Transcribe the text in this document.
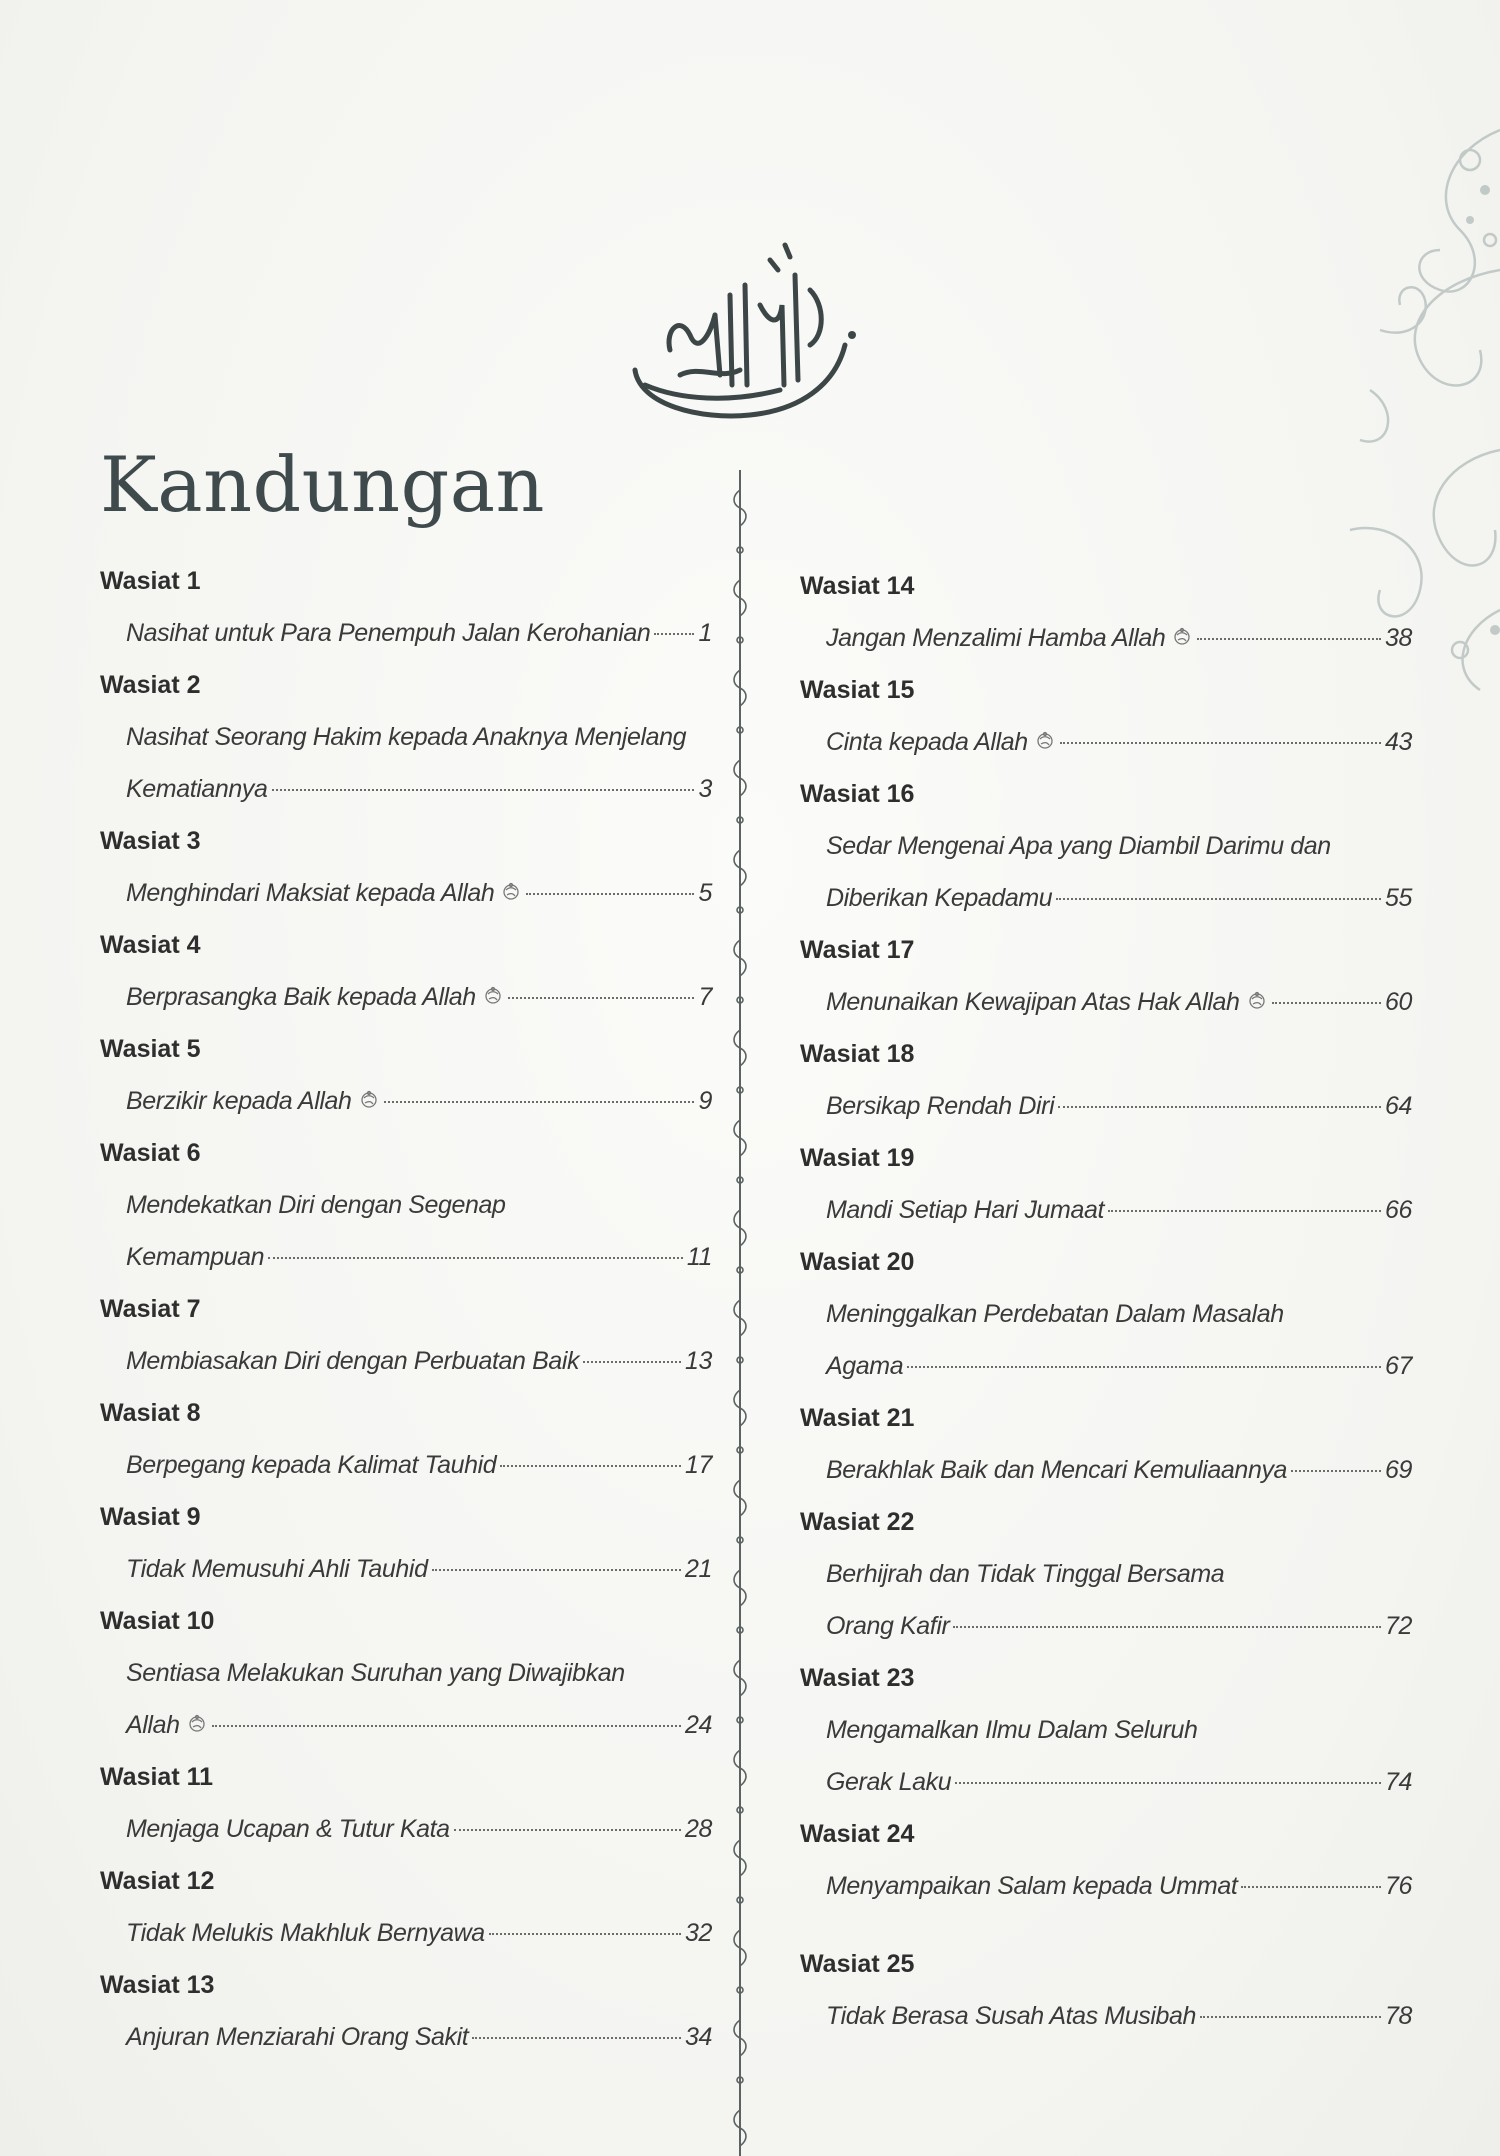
Kandungan
Wasiat 1
Nasihat untuk Para Penempuh Jalan Kerohanian 1
Wasiat 2
Nasihat Seorang Hakim kepada Anaknya Menjelang
Kematiannya	3
Wasiat 3
Menghindari Maksiat kepada Allah	5
Wasiat 4
Berprasangka Baik kepada Allah	7
Wasiat 5
Berzikir kepada Allah	9
Wasiat 6
Mendekatkan Diri dengan Segenap
Kemampuan	11
Wasiat 7
Membiasakan Diri dengan Perbuatan Baik	13
Wasiat 8
Berpegang kepada Kalimat Tauhid	17
Wasiat 9
Tidak Memusuhi Ahli Tauhid	21
Wasiat 10
Sentiasa Melakukan Suruhan yang Diwajibkan
Allah	24
Wasiat 11
Menjaga Ucapan & Tutur Kata	28
Wasiat 12
Tidak Melukis Makhluk Bernyawa	32
Wasiat 13
Anjuran Menziarahi Orang Sakit	34
Wasiat 14
Jangan Menzalimi Hamba Allah	38
Wasiat 15
Cinta kepada Allah	43
Wasiat 16
Sedar Mengenai Apa yang Diambil Darimu dan
Diberikan Kepadamu	55
Wasiat 17
Menunaikan Kewajipan Atas Hak Allah	60
Wasiat 18
Bersikap Rendah Diri	64
Wasiat 19
Mandi Setiap Hari Jumaat	66
Wasiat 20
Meninggalkan Perdebatan Dalam Masalah
Agama	67
Wasiat 21
Berakhlak Baik dan Mencari Kemuliaannya	69
Wasiat 22
Berhijrah dan Tidak Tinggal Bersama
Orang Kafir	72
Wasiat 23
Mengamalkan Ilmu Dalam Seluruh
Gerak Laku	74
Wasiat 24
Menyampaikan Salam kepada Ummat	76
Wasiat 25
Tidak Berasa Susah Atas Musibah	78
